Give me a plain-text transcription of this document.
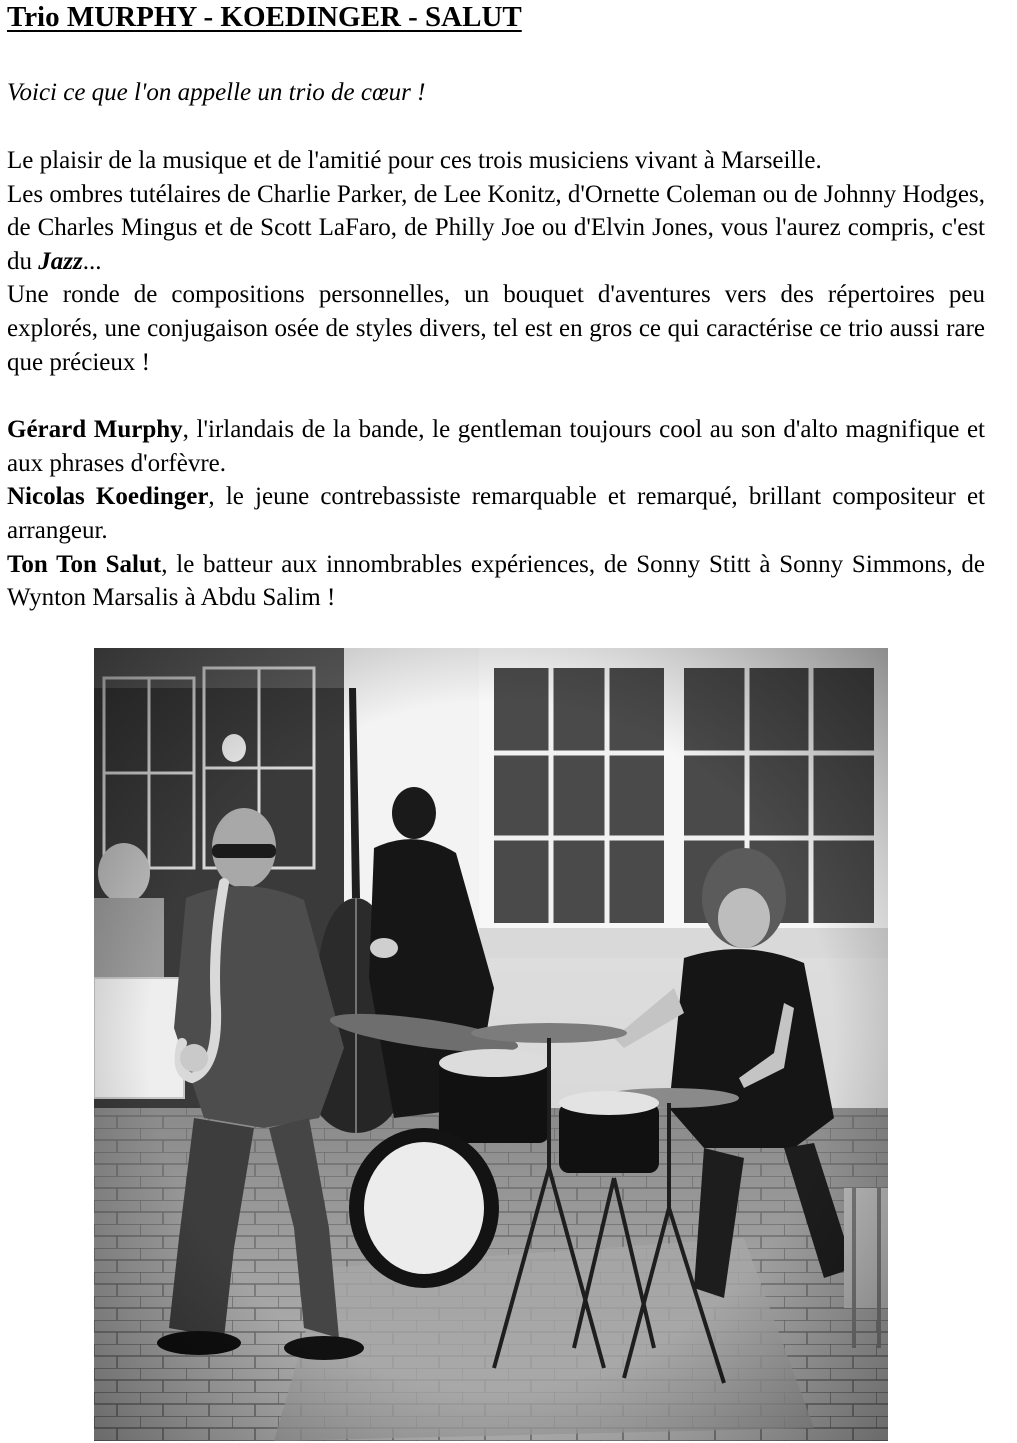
Trio MURPHY - KOEDINGER - SALUT

Voici ce que l'on appelle un trio de cœur !

Le plaisir de la musique et de l'amitié pour ces trois musiciens vivant à Marseille.

Les ombres tutélaires de Charlie Parker, de Lee Konitz, d'Ornette Coleman ou de Johnny Hodges, de Charles Mingus et de Scott LaFaro, de Philly Joe ou d'Elvin Jones, vous l'aurez compris, c'est du Jazz...

Une ronde de compositions personnelles, un bouquet d'aventures vers des répertoires peu explorés, une conjugaison osée de styles divers, tel est en gros ce qui caractérise ce trio aussi rare que précieux !

Gérard Murphy, l'irlandais de la bande, le gentleman toujours cool au son d'alto magnifique et aux phrases d'orfèvre.

Nicolas Koedinger, le jeune contrebassiste remarquable et remarqué, brillant compositeur et arrangeur.

Ton Ton Salut, le batteur aux innombrables expériences, de Sonny Stitt à Sonny Simmons, de Wynton Marsalis à Abdu Salim !
